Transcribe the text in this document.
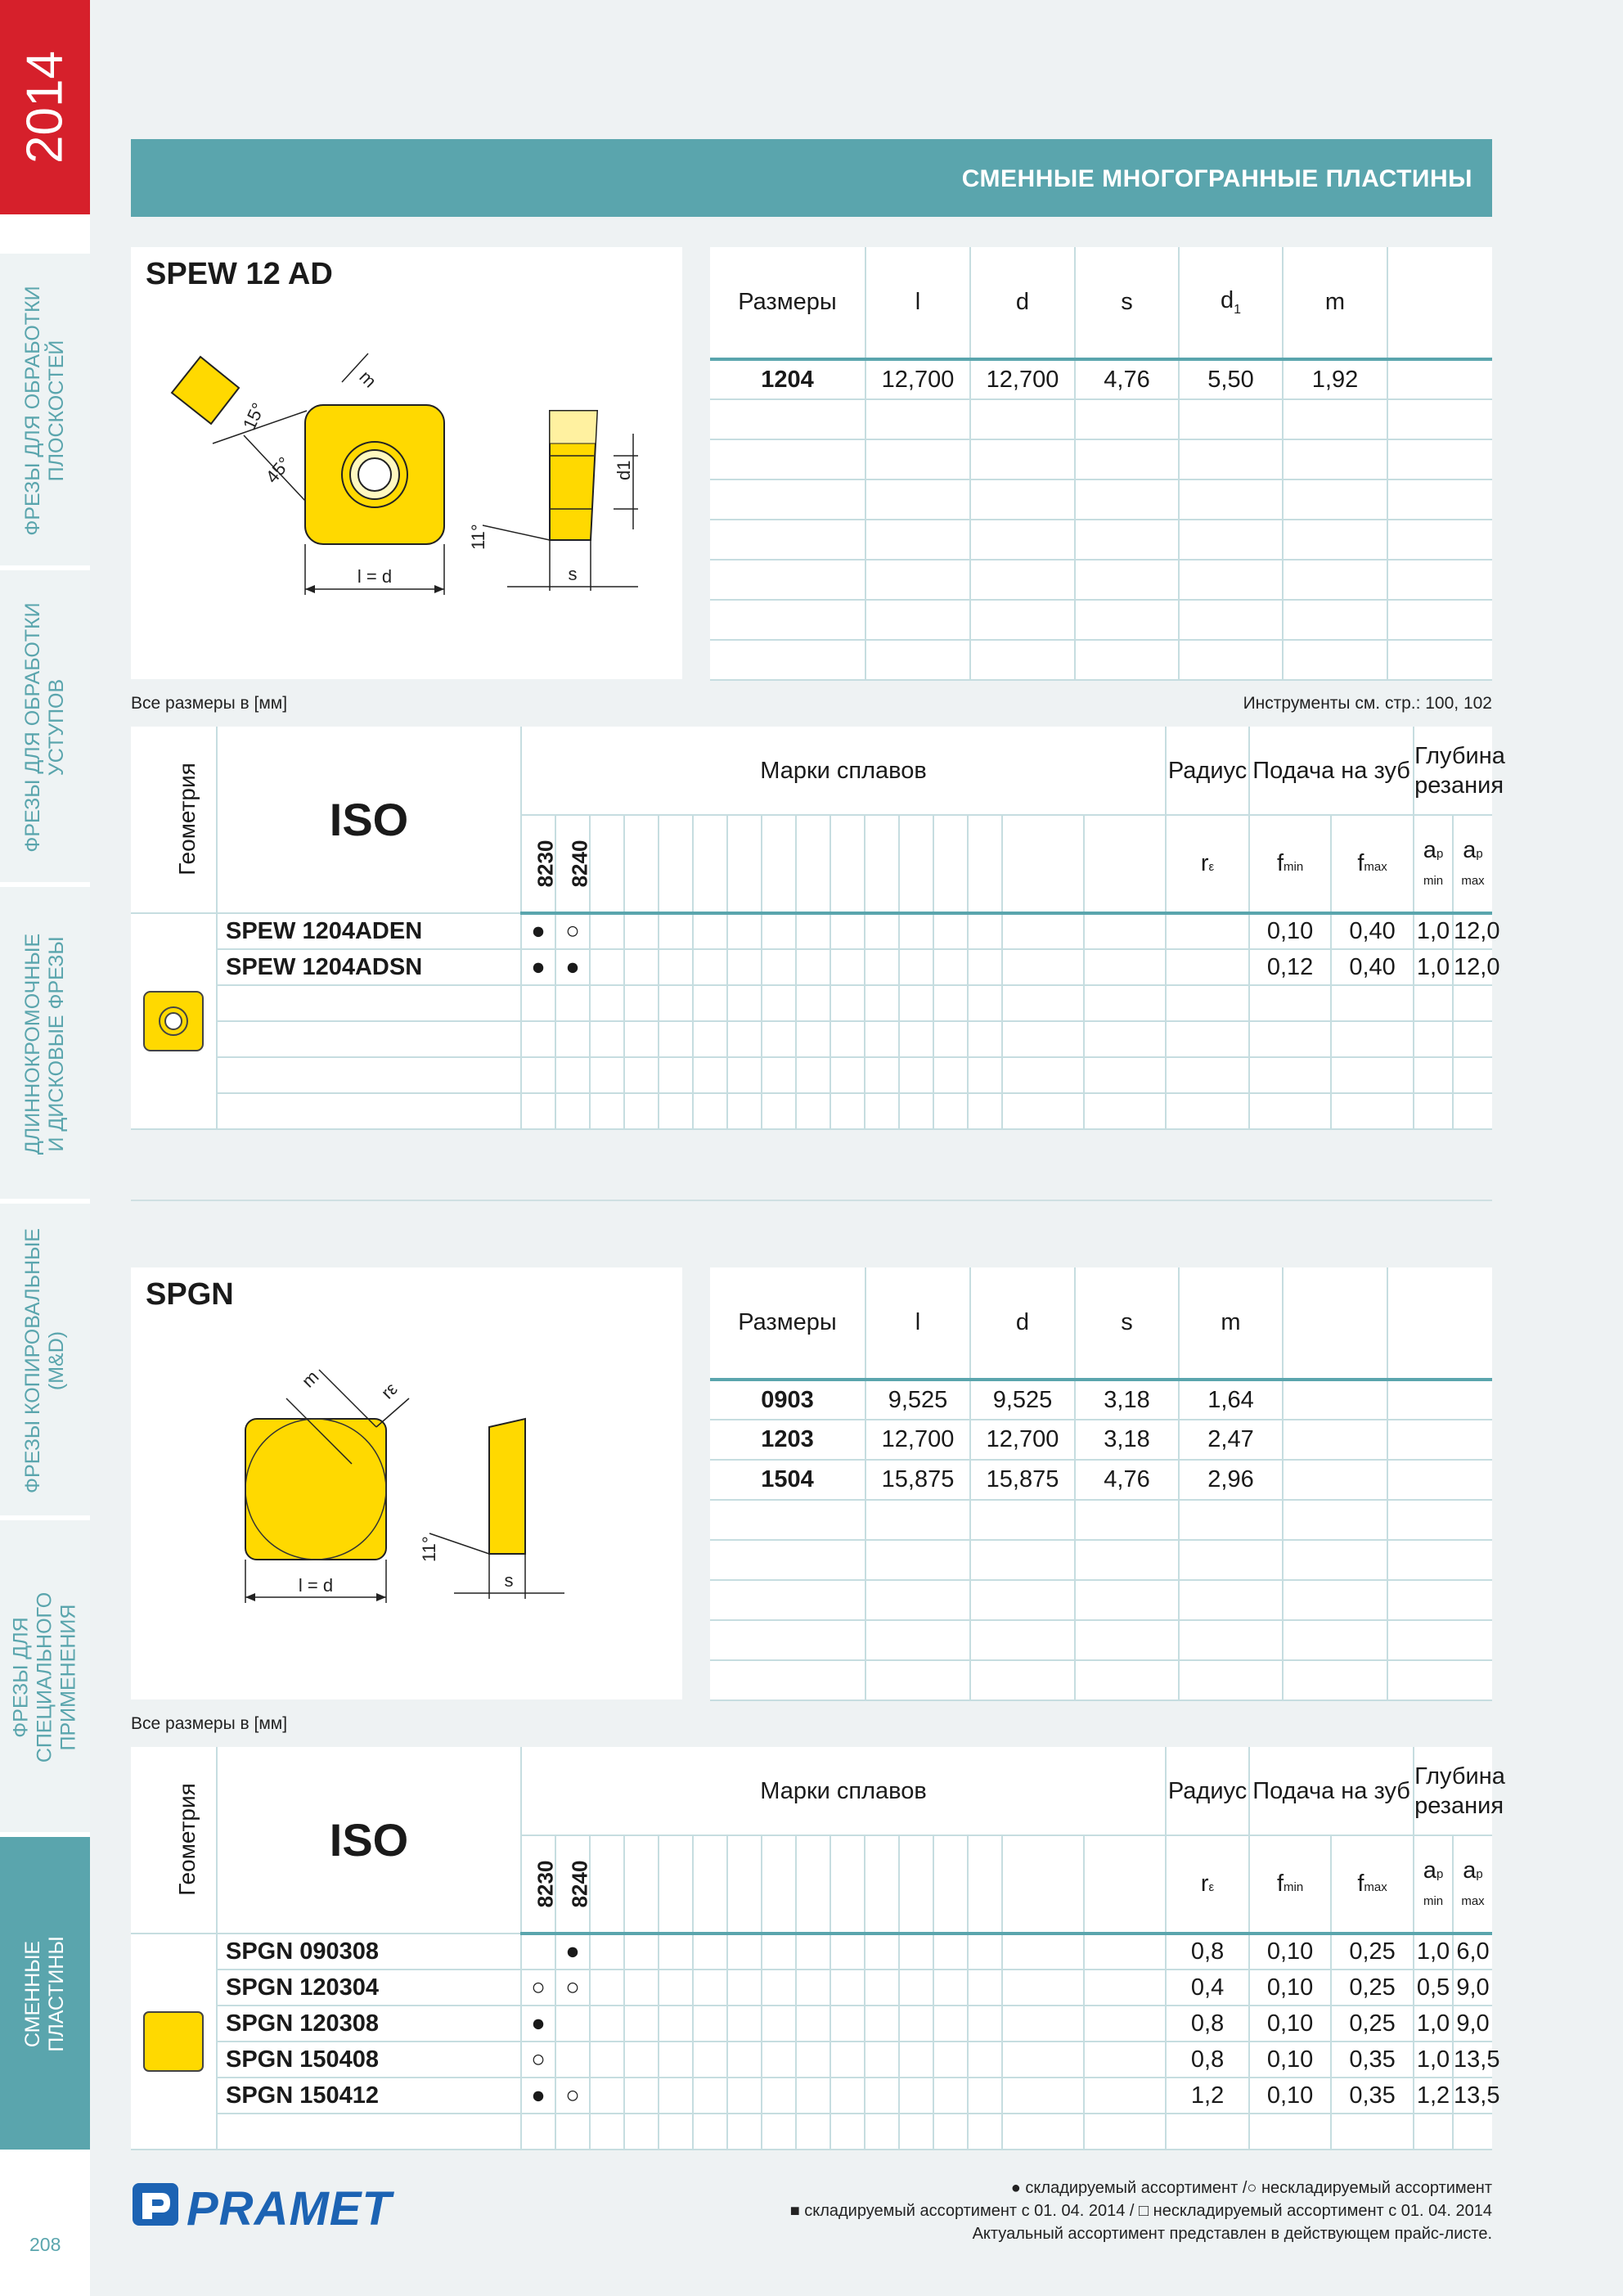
2014
ФРЕЗЫ ДЛЯ ОБРАБОТКИ
ПЛОСКОСТЕЙ
ФРЕЗЫ ДЛЯ ОБРАБОТКИ
УСТУПОВ
ДЛИННОКРОМОЧНЫЕ
И ДИСКОВЫЕ ФРЕЗЫ
ФРЕЗЫ КОПИРОВАЛЬНЫЕ
(M&D)
ФРЕЗЫ ДЛЯ СПЕЦИАЛЬНОГО
ПРИМЕНЕНИЯ
СМЕННЫЕ
ПЛАСТИНЫ
208
СМЕННЫЕ МНОГОГРАННЫЕ ПЛАСТИНЫ
SPEW 12 AD
l = d
15°
45°
m
s
d1
11°
Размеры	l	d	s	$d_1$	m	
1204	12,700	12,700	4,76	5,50	1,92	

Все размеры в [мм]	Инструменты см. стр.: 100, 102
Геометрия	ISO	Марки сплавов																Радиус	Подача на зуб		Глубина резания	
		8230	8240															rε	fmin	fmax	ap min	ap max

	SPEW 1204ADEN	●	○																0,10	0,40	1,0	12,0
	SPEW 1204ADSN	●	●																0,12	0,40	1,0	12,0

SPGN
l = d
m	rε
s
11°
Размеры	l	d	s	m		
0903	9,525	9,525	3,18	1,64		
1203	12,700	12,700	3,18	2,47		
1504	15,875	15,875	4,76	2,96		

Все размеры в [мм]
Геометрия	ISO	Марки сплавов																Радиус	Подача на зуб		Глубина резания	
		8230	8240															rε	fmin	fmax	ap min	ap max

	SPGN 090308		●															0,8	0,10	0,25	1,0	6,0
	SPGN 120304	○	○															0,4	0,10	0,25	0,5	9,0
	SPGN 120308	●																0,8	0,10	0,25	1,0	9,0
	SPGN 150408	○																0,8	0,10	0,35	1,0	13,5
	SPGN 150412	●	○															1,2	0,10	0,35	1,2	13,5

PRAMET	● складируемый ассортимент /○ нескладируемый ассортимент
■ складируемый ассортимент с 01. 04. 2014 / □ нескладируемый ассортимент с 01. 04. 2014
Актуальный ассортимент представлен в действующем прайс-листе.
